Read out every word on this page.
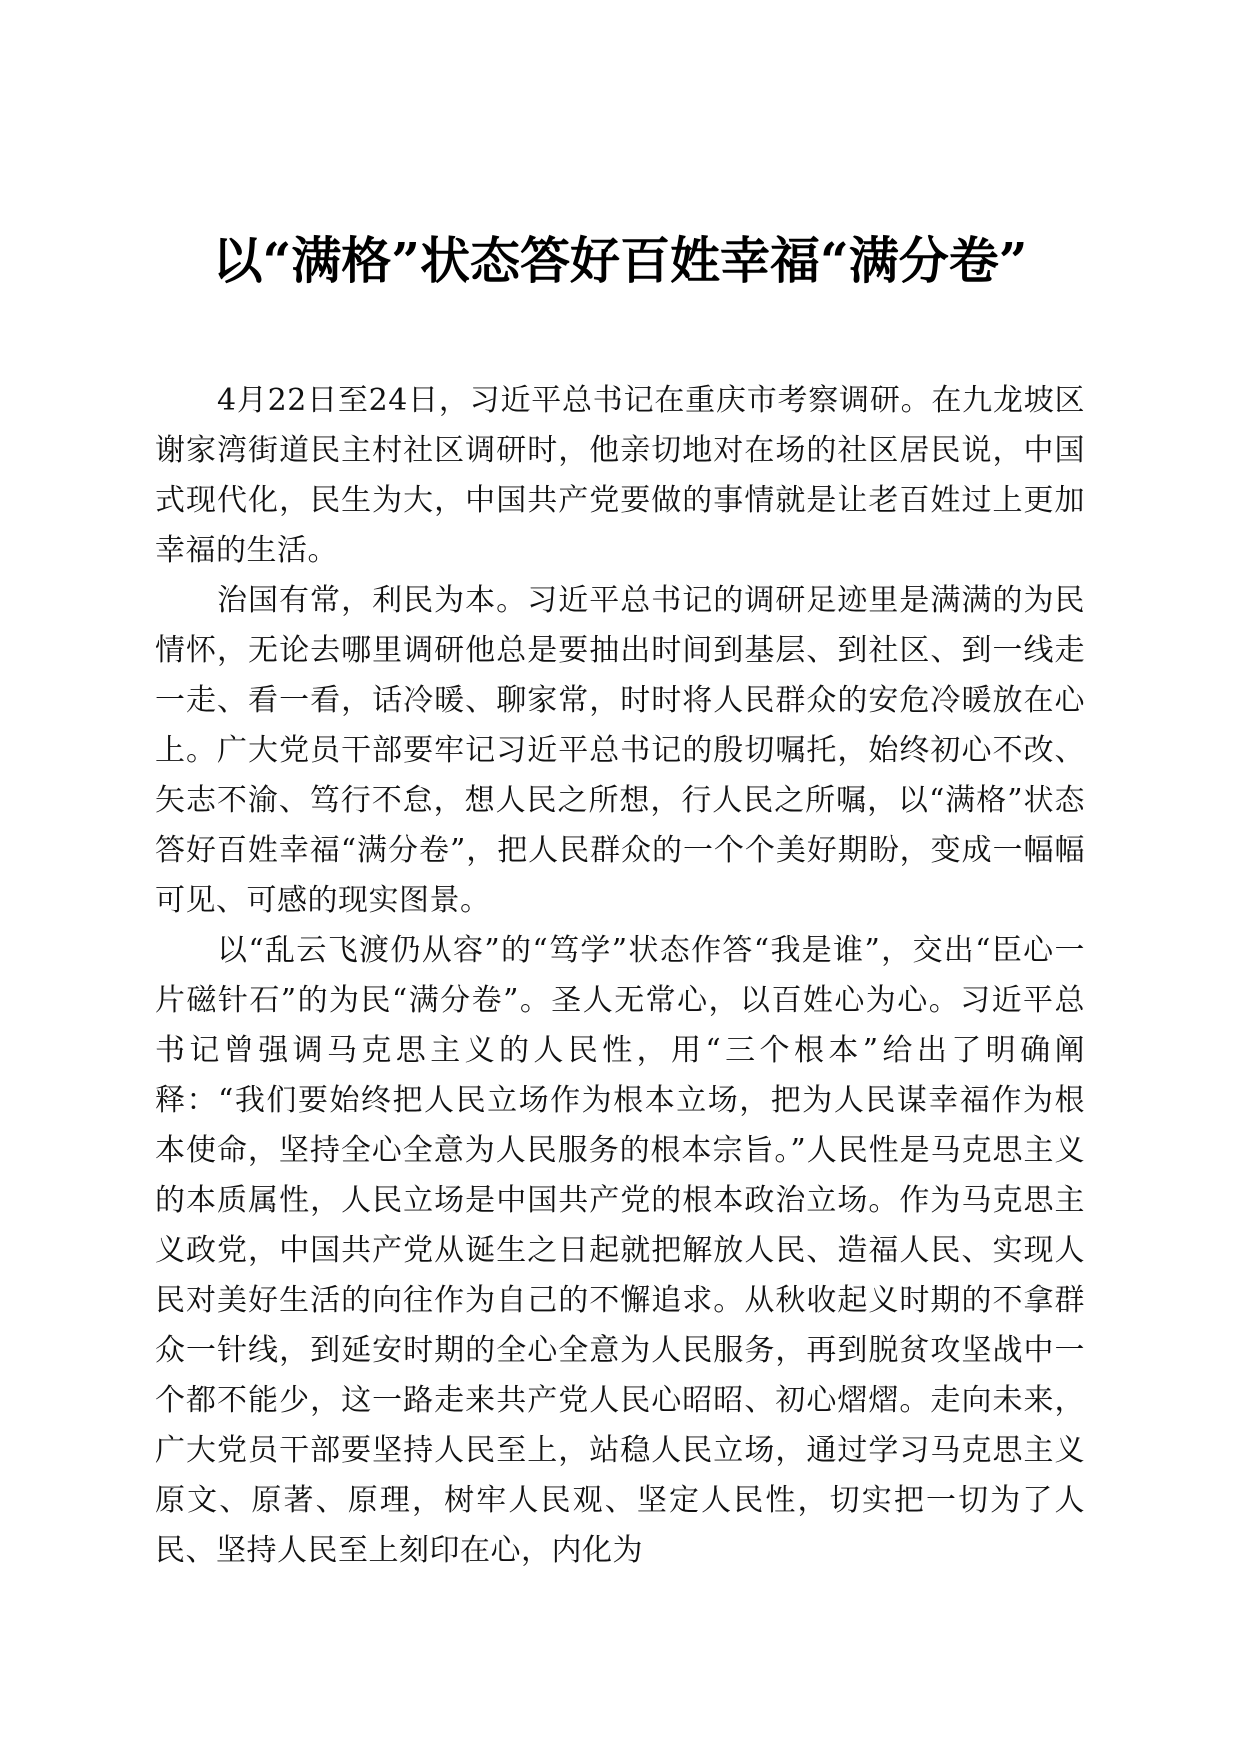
以“满格”状态答好百姓幸福“满分卷”

4月22日至24日，习近平总书记在重庆市考察调研。在九龙坡区谢家湾街道民主村社区调研时，他亲切地对在场的社区居民说，中国式现代化，民生为大，中国共产党要做的事情就是让老百姓过上更加幸福的生活。

治国有常，利民为本。习近平总书记的调研足迹里是满满的为民情怀，无论去哪里调研他总是要抽出时间到基层、到社区、到一线走一走、看一看，话冷暖、聊家常，时时将人民群众的安危冷暖放在心上。广大党员干部要牢记习近平总书记的殷切嘱托，始终初心不改、矢志不渝、笃行不怠，想人民之所想，行人民之所嘱，以“满格”状态答好百姓幸福“满分卷”，把人民群众的一个个美好期盼，变成一幅幅可见、可感的现实图景。

以“乱云飞渡仍从容”的“笃学”状态作答“我是谁”，交出“臣心一片磁针石”的为民“满分卷”。圣人无常心，以百姓心为心。习近平总书记曾强调马克思主义的人民性，用“三个根本”给出了明确阐释：“我们要始终把人民立场作为根本立场，把为人民谋幸福作为根本使命，坚持全心全意为人民服务的根本宗旨。”人民性是马克思主义的本质属性，人民立场是中国共产党的根本政治立场。作为马克思主义政党，中国共产党从诞生之日起就把解放人民、造福人民、实现人民对美好生活的向往作为自己的不懈追求。从秋收起义时期的不拿群众一针线，到延安时期的全心全意为人民服务，再到脱贫攻坚战中一个都不能少，这一路走来共产党人民心昭昭、初心熠熠。走向未来，广大党员干部要坚持人民至上，站稳人民立场，通过学习马克思主义原文、原著、原理，树牢人民观、坚定人民性，切实把一切为了人民、坚持人民至上刻印在心，内化为
